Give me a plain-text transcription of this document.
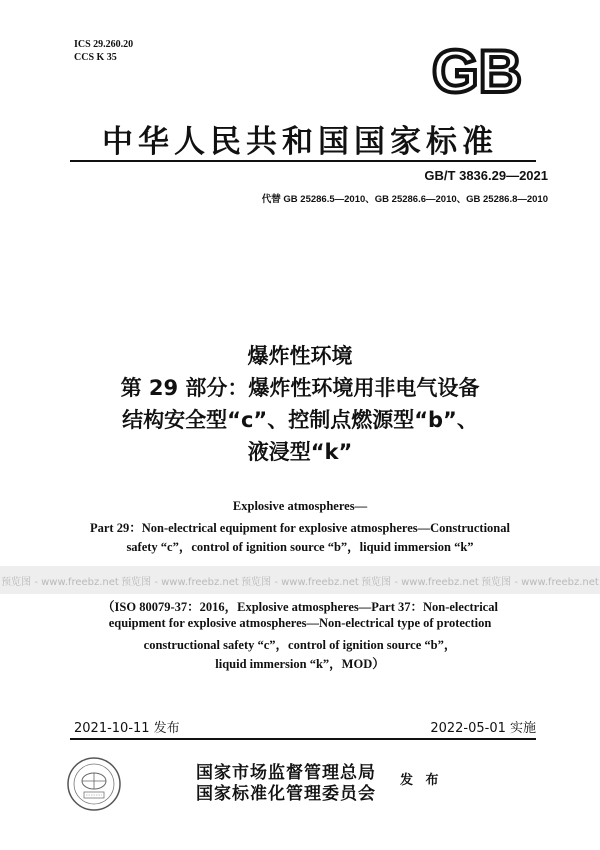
ICS 29.260.20
CCS K 35	GB
中华人民共和国国家标准
GB/T 3836.29—2021
代替 GB 25286.5—2010、GB 25286.6—2010、GB 25286.8—2010
爆炸性环境
第 29 部分：爆炸性环境用非电气设备
结构安全型“c”、控制点燃源型“b”、
液浸型“k”
Explosive atmospheres—
Part 29：Non-electrical equipment for explosive atmospheres—Constructional
safety “c”，control of ignition source “b”，liquid immersion “k”
预览图 - www.freebz.net 预览图 - www.freebz.net 预览图 - www.freebz.net 预览图 - www.freebz.net 预览图 - www.freebz.net
（ISO 80079-37：2016，Explosive atmospheres—Part 37：Non-electrical
equipment for explosive atmospheres—Non-electrical type of protection
constructional safety “c”，control of ignition source “b”，
liquid immersion “k”，MOD）
2021-10-11 发布	2022-05-01 实施
国家市场监督管理总局
国家标准化管理委员会
发 布
